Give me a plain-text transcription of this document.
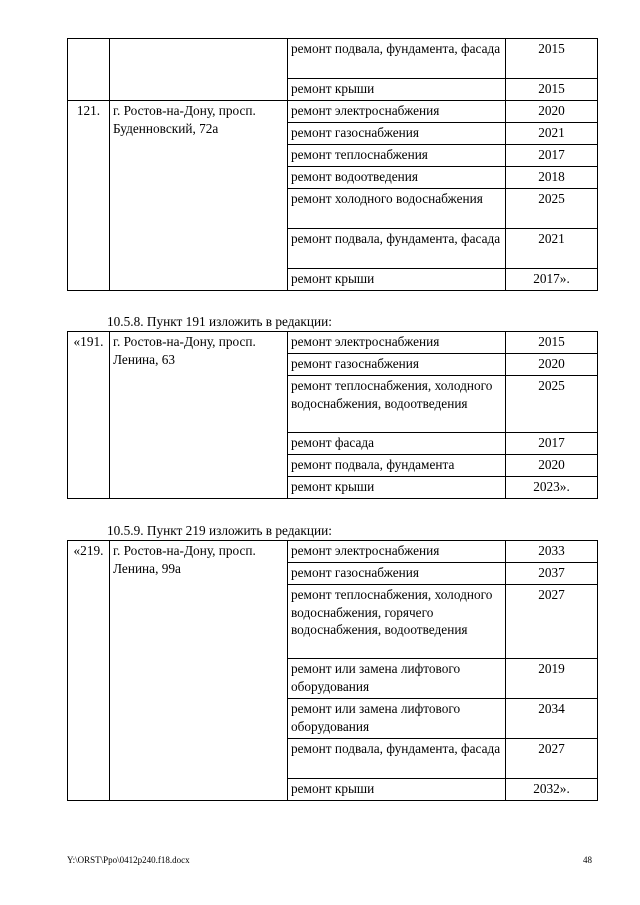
		ремонт подвала, фундамента, фасада	2015
		ремонт крыши	2015
121.	г. Ростов-на-Дону, просп. Буденновский, 72а	ремонт электроснабжения	2020
		ремонт газоснабжения	2021
		ремонт теплоснабжения	2017
		ремонт водоотведения	2018
		ремонт холодного водоснабжения	2025
		ремонт подвала, фундамента, фасада	2021
		ремонт крыши	2017».
10.5.8. Пункт 191 изложить в редакции:
«191.	г. Ростов-на-Дону, просп. Ленина, 63	ремонт электроснабжения	2015
		ремонт газоснабжения	2020
		ремонт теплоснабжения, холодного водоснабжения, водоотведения	2025
		ремонт фасада	2017
		ремонт подвала, фундамента	2020
		ремонт крыши	2023».
10.5.9. Пункт 219 изложить в редакции:
«219.	г. Ростов-на-Дону, просп. Ленина, 99а	ремонт электроснабжения	2033
		ремонт газоснабжения	2037
		ремонт теплоснабжения, холодного водоснабжения, горячего водоснабжения, водоотведения	2027
		ремонт или замена лифтового оборудования	2019
		ремонт или замена лифтового оборудования	2034
		ремонт подвала, фундамента, фасада	2027
		ремонт крыши	2032».
Y:\ORST\Ppo\0412p240.f18.docx	48
